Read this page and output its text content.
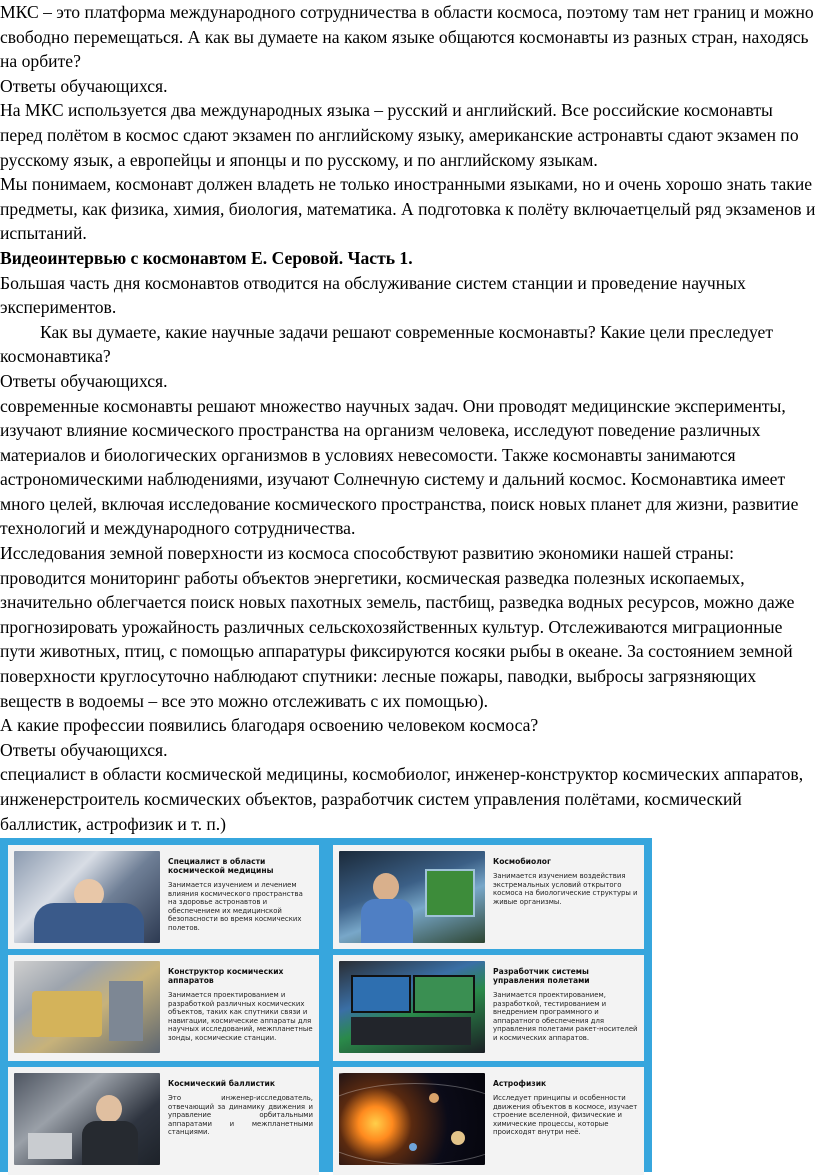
МКС – это платформа международного сотрудничества в области космоса, поэтому там нет границ и можно свободно перемещаться. А как вы думаете на каком языке общаются космонавты из разных стран, находясь на орбите?

Ответы обучающихся.

На МКС используется два международных языка – русский и английский. Все российские космонавты перед полётом в космос сдают экзамен по английскому языку, американские астронавты сдают экзамен по русскому язык, а европейцы и японцы и по русскому, и по английскому языкам.

Мы понимаем, космонавт должен владеть не только иностранными языками, но и очень хорошо знать такие предметы, как физика, химия, биология, математика. А подготовка к полёту включаетцелый ряд экзаменов и испытаний.

Видеоинтервью с космонавтом Е. Серовой. Часть 1.

Большая часть дня космонавтов отводится на обслуживание систем станции и проведение научных экспериментов.

Как вы думаете, какие научные задачи решают современные космонавты? Какие цели преследует космонавтика?

Ответы обучающихся.

современные космонавты решают множество научных задач. Они проводят медицинские эксперименты, изучают влияние космического пространства на организм человека, исследуют поведение различных материалов и биологических организмов в условиях невесомости. Также космонавты занимаются астрономическими наблюдениями, изучают Солнечную систему и дальний космос. Космонавтика имеет много целей, включая исследование космического пространства, поиск новых планет для жизни, развитие технологий и международного сотрудничества.

Исследования земной поверхности из космоса способствуют развитию экономики нашей страны: проводится мониторинг работы объектов энергетики, космическая разведка полезных ископаемых, значительно облегчается поиск новых пахотных земель, пастбищ, разведка водных ресурсов, можно даже прогнозировать урожайность различных сельскохозяйственных культур. Отслеживаются миграционные пути животных, птиц, с помощью аппаратуры фиксируются косяки рыбы в океане. За состоянием земной поверхности круглосуточно наблюдают спутники: лесные пожары, паводки, выбросы загрязняющих веществ в водоемы – все это можно отслеживать с их помощью).

А какие профессии появились благодаря освоению человеком космоса?

Ответы обучающихся.

специалист в области космической медицины, космобиолог, инженер-конструктор космических аппаратов, инженерстроитель космических объектов, разработчик систем управления полётами, космический баллистик, астрофизик и т. п.)

Специалист в области космической медицины
Занимается изучением и лечением влияния космического пространства на здоровье астронавтов и обеспечением их медицинской безопасности во время космических полетов.
Космобиолог
Занимается изучением воздействия экстремальных условий открытого космоса на биологические структуры и живые организмы.
Конструктор космических аппаратов
Занимается проектированием и разработкой различных космических объектов, таких как спутники связи и навигации, космические аппараты для научных исследований, межпланетные зонды, космические станции.
Разработчик системы управления полетами
Занимается проектированием, разработкой, тестированием и внедрением программного и аппаратного обеспечения для управления полетами ракет-носителей и космических аппаратов.
Космический баллистик
Это инженер-исследователь, отвечающий за динамику движения и управление орбитальными аппаратами и межпланетными станциями.
Астрофизик
Исследует принципы и особенности движения объектов в космосе, изучает строение вселенной, физические и химические процессы, которые происходят внутри неё.
